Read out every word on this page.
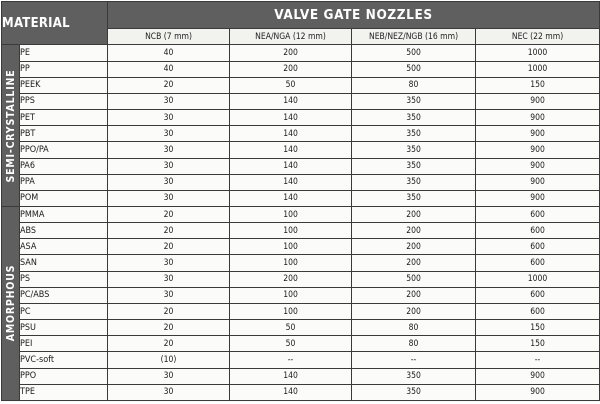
MATERIAL		VALVE GATE NOZZLES			
		NCB (7 mm)	NEA/NGA (12 mm)	NEB/NEZ/NGB (16 mm)	NEC (22 mm)

SEMI-CRYSTALLINE	PE	40	200	500	1000
	PP	40	200	500	1000
	PEEK	20	50	80	150
	PPS	30	140	350	900
	PET	30	140	350	900
	PBT	30	140	350	900
	PPO/PA	30	140	350	900
	PA6	30	140	350	900
	PPA	30	140	350	900
	POM	30	140	350	900

AMORPHOUS	PMMA	20	100	200	600
	ABS	20	100	200	600
	ASA	20	100	200	600
	SAN	30	100	200	600
	PS	30	200	500	1000
	PC/ABS	30	100	200	600
	PC	20	100	200	600
	PSU	20	50	80	150
	PEI	20	50	80	150
	PVC-soft	(10)	--	--	--
	PPO	30	140	350	900
	TPE	30	140	350	900
